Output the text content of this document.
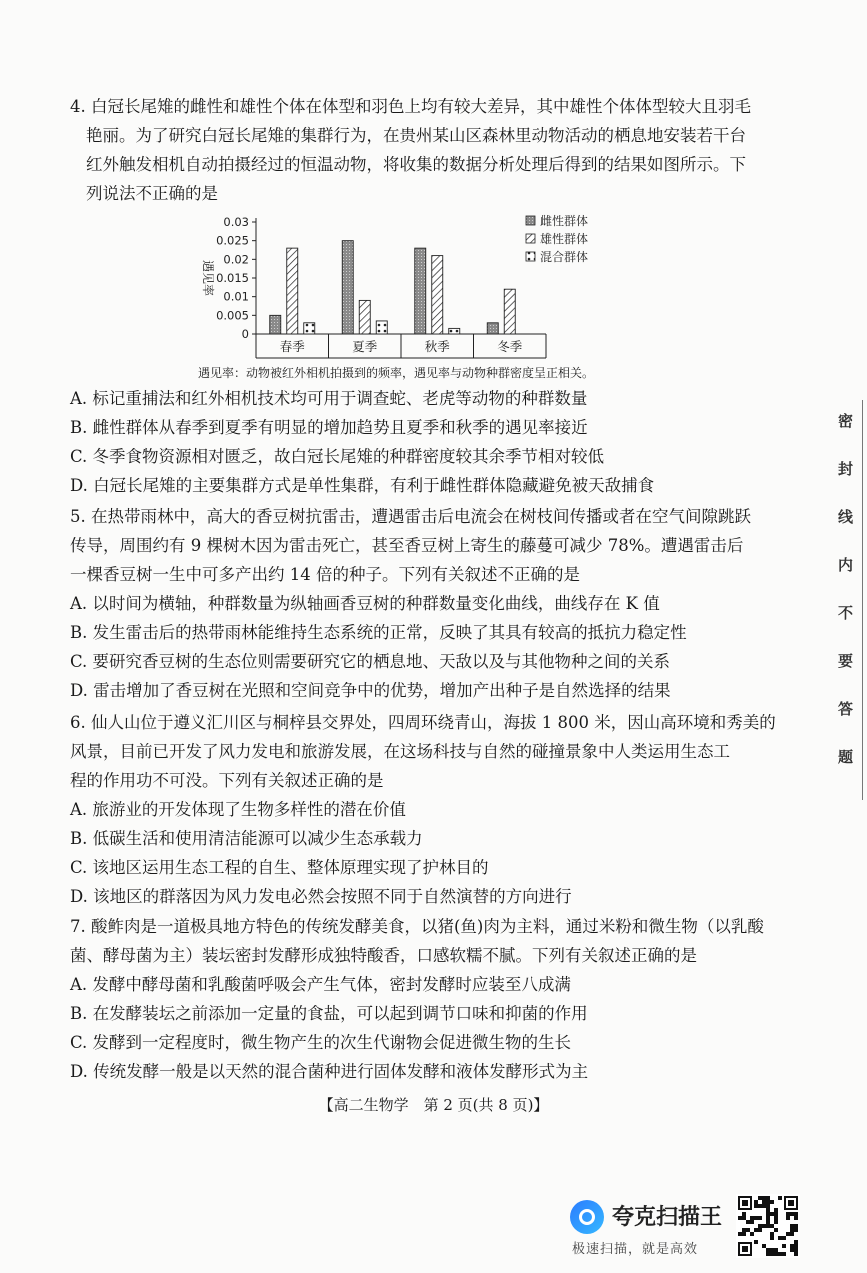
4. 白冠长尾雉的雌性和雄性个体在体型和羽色上均有较大差异，其中雄性个体体型较大且羽毛
艳丽。为了研究白冠长尾雉的集群行为，在贵州某山区森林里动物活动的栖息地安装若干台
红外触发相机自动拍摄经过的恒温动物，将收集的数据分析处理后得到的结果如图所示。下
列说法不正确的是
0.03
0.025
0.02
0.015
0.01
0.005
0
遇见率
春季	夏季	秋季	冬季
雌性群体
雄性群体
混合群体
遇见率：动物被红外相机拍摄到的频率，遇见率与动物种群密度呈正相关。
A. 标记重捕法和红外相机技术均可用于调查蛇、老虎等动物的种群数量
B. 雌性群体从春季到夏季有明显的增加趋势且夏季和秋季的遇见率接近
C. 冬季食物资源相对匮乏，故白冠长尾雉的种群密度较其余季节相对较低
D. 白冠长尾雉的主要集群方式是单性集群，有利于雌性群体隐藏避免被天敌捕食
5. 在热带雨林中，高大的香豆树抗雷击，遭遇雷击后电流会在树枝间传播或者在空气间隙跳跃
传导，周围约有 9 棵树木因为雷击死亡，甚至香豆树上寄生的藤蔓可减少 78%。遭遇雷击后
一棵香豆树一生中可多产出约 14 倍的种子。下列有关叙述不正确的是
A. 以时间为横轴，种群数量为纵轴画香豆树的种群数量变化曲线，曲线存在 K 值
B. 发生雷击后的热带雨林能维持生态系统的正常，反映了其具有较高的抵抗力稳定性
C. 要研究香豆树的生态位则需要研究它的栖息地、天敌以及与其他物种之间的关系
D. 雷击增加了香豆树在光照和空间竞争中的优势，增加产出种子是自然选择的结果
6. 仙人山位于遵义汇川区与桐梓县交界处，四周环绕青山，海拔 1 800 米，因山高环境和秀美的
风景，目前已开发了风力发电和旅游发展，在这场科技与自然的碰撞景象中人类运用生态工
程的作用功不可没。下列有关叙述正确的是
A. 旅游业的开发体现了生物多样性的潜在价值
B. 低碳生活和使用清洁能源可以减少生态承载力
C. 该地区运用生态工程的自生、整体原理实现了护林目的
D. 该地区的群落因为风力发电必然会按照不同于自然演替的方向进行
7. 酸鲊肉是一道极具地方特色的传统发酵美食，以猪(鱼)肉为主料，通过米粉和微生物（以乳酸
菌、酵母菌为主）装坛密封发酵形成独特酸香，口感软糯不腻。下列有关叙述正确的是
A. 发酵中酵母菌和乳酸菌呼吸会产生气体，密封发酵时应装至八成满
B. 在发酵装坛之前添加一定量的食盐，可以起到调节口味和抑菌的作用
C. 发酵到一定程度时，微生物产生的次生代谢物会促进微生物的生长
D. 传统发酵一般是以天然的混合菌种进行固体发酵和液体发酵形式为主
密
封
线
内
不
要
答
题
【高二生物学　第 2 页(共 8 页)】
夸克扫描王
极速扫描，就是高效
